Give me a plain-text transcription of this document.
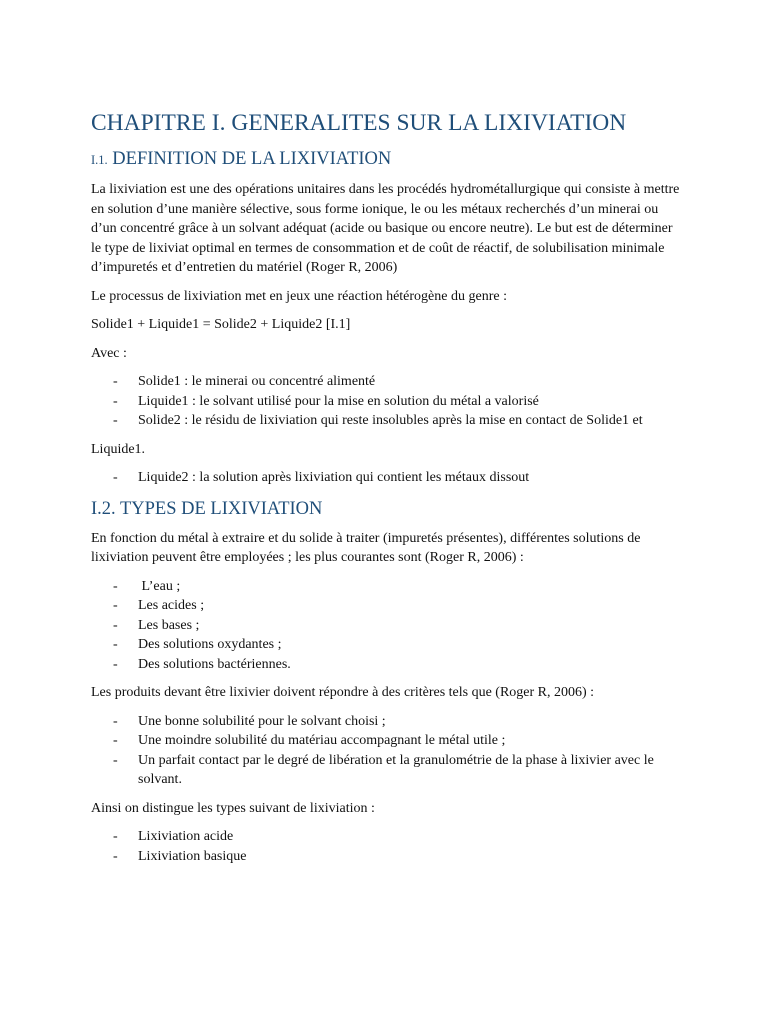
CHAPITRE I. GENERALITES SUR LA LIXIVIATION
I.1. DEFINITION DE LA LIXIVIATION

La lixiviation est une des opérations unitaires dans les procédés hydrométallurgique qui consiste à mettre en solution d’une manière sélective, sous forme ionique, le ou les métaux recherchés d’un minerai ou d’un concentré grâce à un solvant adéquat (acide ou basique ou encore neutre). Le but est de déterminer le type de lixiviat optimal en termes de consommation et de coût de réactif, de solubilisation minimale d’impuretés et d’entretien du matériel (Roger R, 2006)

Le processus de lixiviation met en jeux une réaction hétérogène du genre :

Solide1 + Liquide1 = Solide2 + Liquide2 [I.1]

Avec :

- Solide1 : le minerai ou concentré alimenté
- Liquide1 : le solvant utilisé pour la mise en solution du métal a valorisé
- Solide2 : le résidu de lixiviation qui reste insolubles après la mise en contact de Solide1 et

Liquide1.

- Liquide2 : la solution après lixiviation qui contient les métaux dissout
I.2. TYPES DE LIXIVIATION

En fonction du métal à extraire et du solide à traiter (impuretés présentes), différentes solutions de lixiviation peuvent être employées ; les plus courantes sont (Roger R, 2006) :

- L’eau ;
- Les acides ;
- Les bases ;
- Des solutions oxydantes ;
- Des solutions bactériennes.

Les produits devant être lixivier doivent répondre à des critères tels que (Roger R, 2006) :

- Une bonne solubilité pour le solvant choisi ;
- Une moindre solubilité du matériau accompagnant le métal utile ;
- Un parfait contact par le degré de libération et la granulométrie de la phase à lixivier avec le solvant.

Ainsi on distingue les types suivant de lixiviation :

- Lixiviation acide
- Lixiviation basique
